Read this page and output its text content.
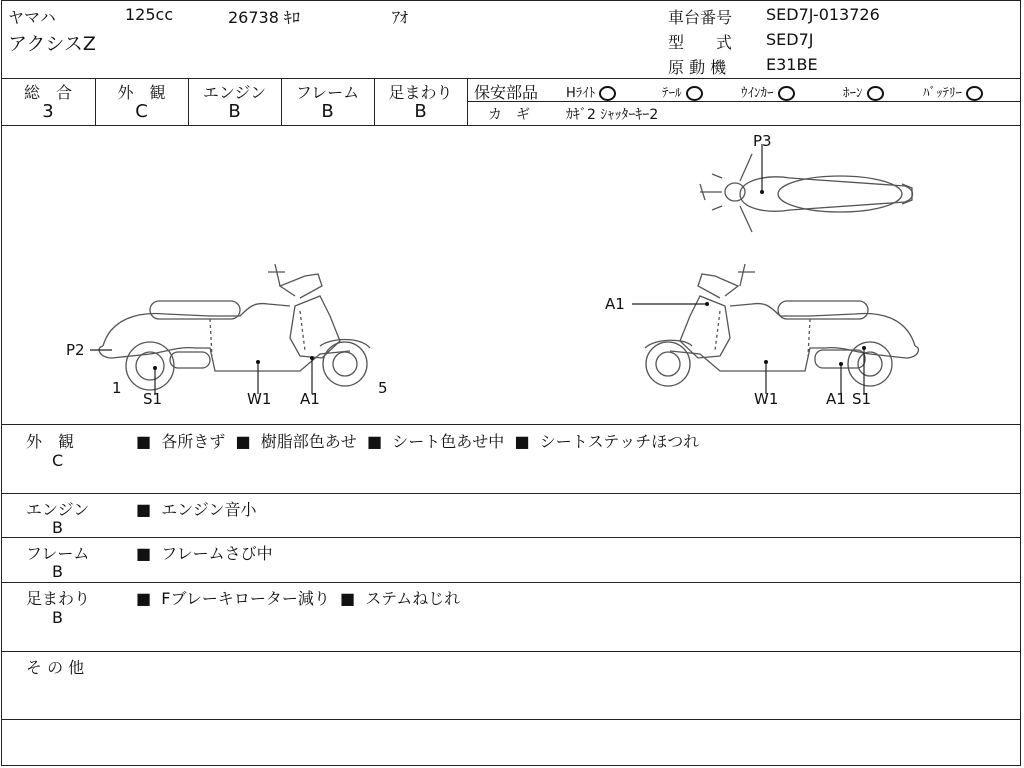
ヤマハ	125cc	26738 ｷﾛ	ｱｵ
アクシスZ
車台番号 SED7J-013726
型　　式 SED7J
原 動 機 E31BE
総　合	外　観	エンジン	フレーム	足まわり
3	C	B	B	B
保安部品 Hﾗｲﾄ	ﾃｰﾙ	ｳｲﾝｶｰ	ﾎｰﾝ	ﾊﾞｯﾃﾘｰ
カ　ギ	ｶｷﾞ2 ｼｬｯﾀｰｷｰ2
P2
1
S1	W1 A1
5
A1
W1	A1 S1
P3
外　観
C
■ 各所きず ■ 樹脂部色あせ ■ シート色あせ中 ■ シートステッチほつれ
エンジン
B
■ エンジン音小
フレーム
B
■ フレームさび中
足まわり
B
■ Fブレーキローター減り ■ ステムねじれ
そ の 他
